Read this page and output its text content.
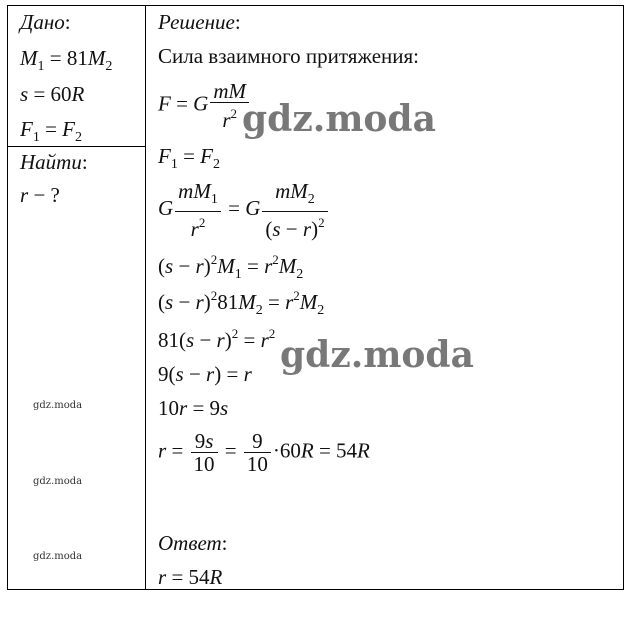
Дано:
$M_1 = 81M_2$
s = 60R
$F_1 = F_2$
Найти:
r − ?
Решение:
Сила взаимного притяжения:
F = G $\frac{mM}{r^2}$
$F_1 = F_2$
G $\frac{mM_1}{r^2} = G \frac{mM_2}{(s - r)^2}$
$(s - r)^2M_1 = r^2M_2$
$(s - r)^281M_2 = r^2M_2$
$81(s - r)^2 = r^2$
9(s − r) = r
10r = 9s
$r = \frac{9s}{10} = \frac{9}{10} \cdot 60R = 54R$
Ответ:
r = 54R
gdz.moda
gdz.moda
gdz.moda
gdz.moda
gdz.moda
